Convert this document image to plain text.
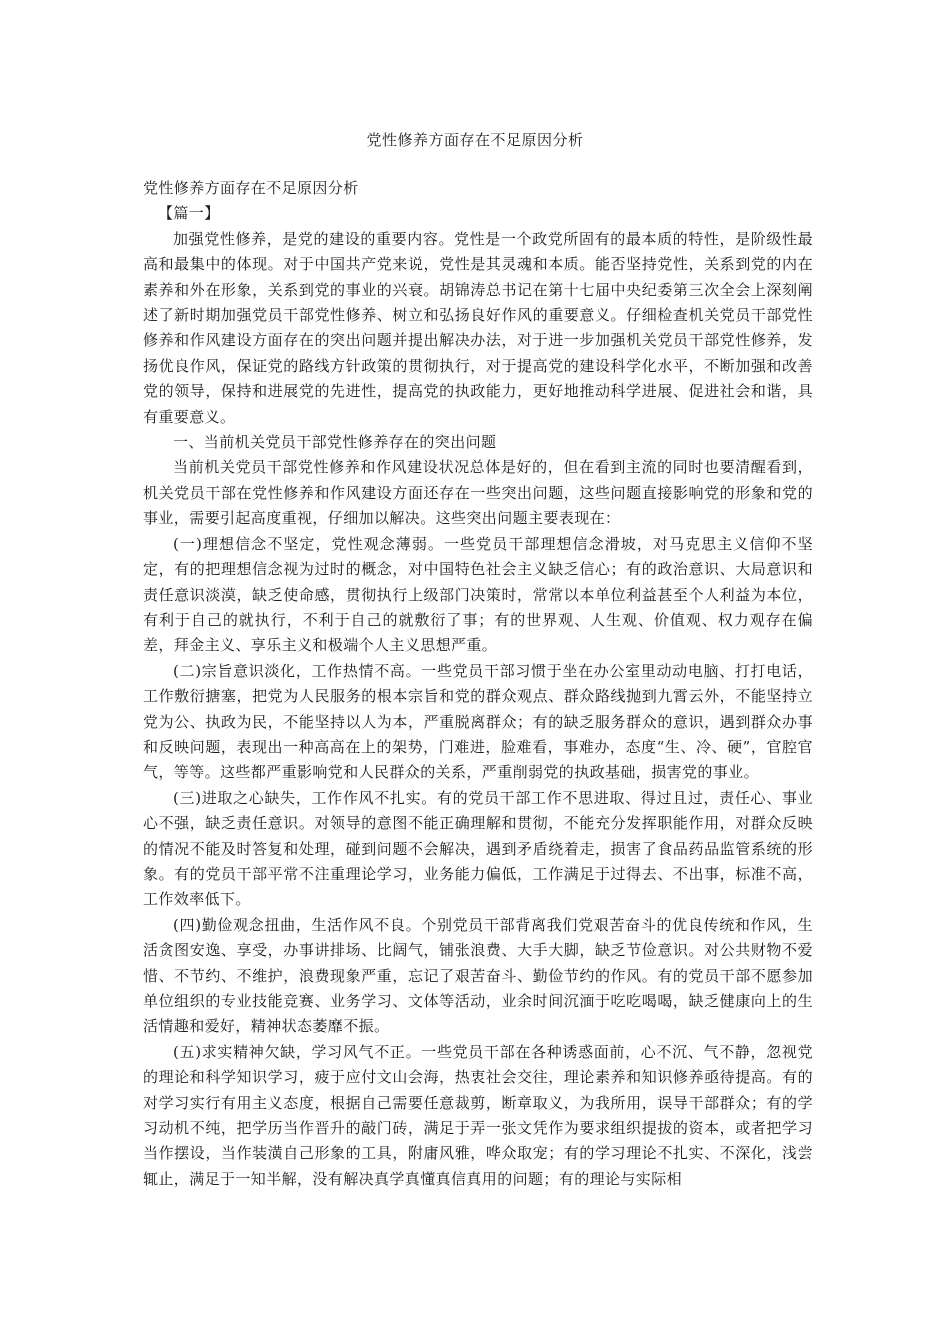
党性修养方面存在不足原因分析

党性修养方面存在不足原因分析

【篇一】

加强党性修养，是党的建设的重要内容。党性是一个政党所固有的最本质的特性，是阶级性最高和最集中的体现。对于中国共产党来说，党性是其灵魂和本质。能否坚持党性，关系到党的内在素养和外在形象，关系到党的事业的兴衰。胡锦涛总书记在第十七届中央纪委第三次全会上深刻阐述了新时期加强党员干部党性修养、树立和弘扬良好作风的重要意义。仔细检查机关党员干部党性修养和作风建设方面存在的突出问题并提出解决办法，对于进一步加强机关党员干部党性修养，发扬优良作风，保证党的路线方针政策的贯彻执行，对于提高党的建设科学化水平，不断加强和改善党的领导，保持和进展党的先进性，提高党的执政能力，更好地推动科学进展、促进社会和谐，具有重要意义。

一、当前机关党员干部党性修养存在的突出问题

当前机关党员干部党性修养和作风建设状况总体是好的，但在看到主流的同时也要清醒看到，机关党员干部在党性修养和作风建设方面还存在一些突出问题，这些问题直接影响党的形象和党的事业，需要引起高度重视，仔细加以解决。这些突出问题主要表现在：

(一)理想信念不坚定，党性观念薄弱。一些党员干部理想信念滑坡，对马克思主义信仰不坚定，有的把理想信念视为过时的概念，对中国特色社会主义缺乏信心；有的政治意识、大局意识和责任意识淡漠，缺乏使命感，贯彻执行上级部门决策时，常常以本单位利益甚至个人利益为本位，有利于自己的就执行，不利于自己的就敷衍了事；有的世界观、人生观、价值观、权力观存在偏差，拜金主义、享乐主义和极端个人主义思想严重。

(二)宗旨意识淡化，工作热情不高。一些党员干部习惯于坐在办公室里动动电脑、打打电话，工作敷衍搪塞，把党为人民服务的根本宗旨和党的群众观点、群众路线抛到九霄云外，不能坚持立党为公、执政为民，不能坚持以人为本，严重脱离群众；有的缺乏服务群众的意识，遇到群众办事和反映问题，表现出一种高高在上的架势，门难进，脸难看，事难办，态度“生、冷、硬”，官腔官气，等等。这些都严重影响党和人民群众的关系，严重削弱党的执政基础，损害党的事业。

(三)进取之心缺失，工作作风不扎实。有的党员干部工作不思进取、得过且过，责任心、事业心不强，缺乏责任意识。对领导的意图不能正确理解和贯彻，不能充分发挥职能作用，对群众反映的情况不能及时答复和处理，碰到问题不会解决，遇到矛盾绕着走，损害了食品药品监管系统的形象。有的党员干部平常不注重理论学习，业务能力偏低，工作满足于过得去、不出事，标准不高，工作效率低下。

(四)勤俭观念扭曲，生活作风不良。个别党员干部背离我们党艰苦奋斗的优良传统和作风，生活贪图安逸、享受，办事讲排场、比阔气，铺张浪费、大手大脚，缺乏节俭意识。对公共财物不爱惜、不节约、不维护，浪费现象严重，忘记了艰苦奋斗、勤俭节约的作风。有的党员干部不愿参加单位组织的专业技能竞赛、业务学习、文体等活动，业余时间沉湎于吃吃喝喝，缺乏健康向上的生活情趣和爱好，精神状态萎靡不振。

(五)求实精神欠缺，学习风气不正。一些党员干部在各种诱惑面前，心不沉、气不静，忽视党的理论和科学知识学习，疲于应付文山会海，热衷社会交往，理论素养和知识修养亟待提高。有的对学习实行有用主义态度，根据自己需要任意裁剪，断章取义，为我所用，误导干部群众；有的学习动机不纯，把学历当作晋升的敲门砖，满足于弄一张文凭作为要求组织提拔的资本，或者把学习当作摆设，当作装潢自己形象的工具，附庸风雅，哗众取宠；有的学习理论不扎实、不深化，浅尝辄止，满足于一知半解，没有解决真学真懂真信真用的问题；有的理论与实际相
